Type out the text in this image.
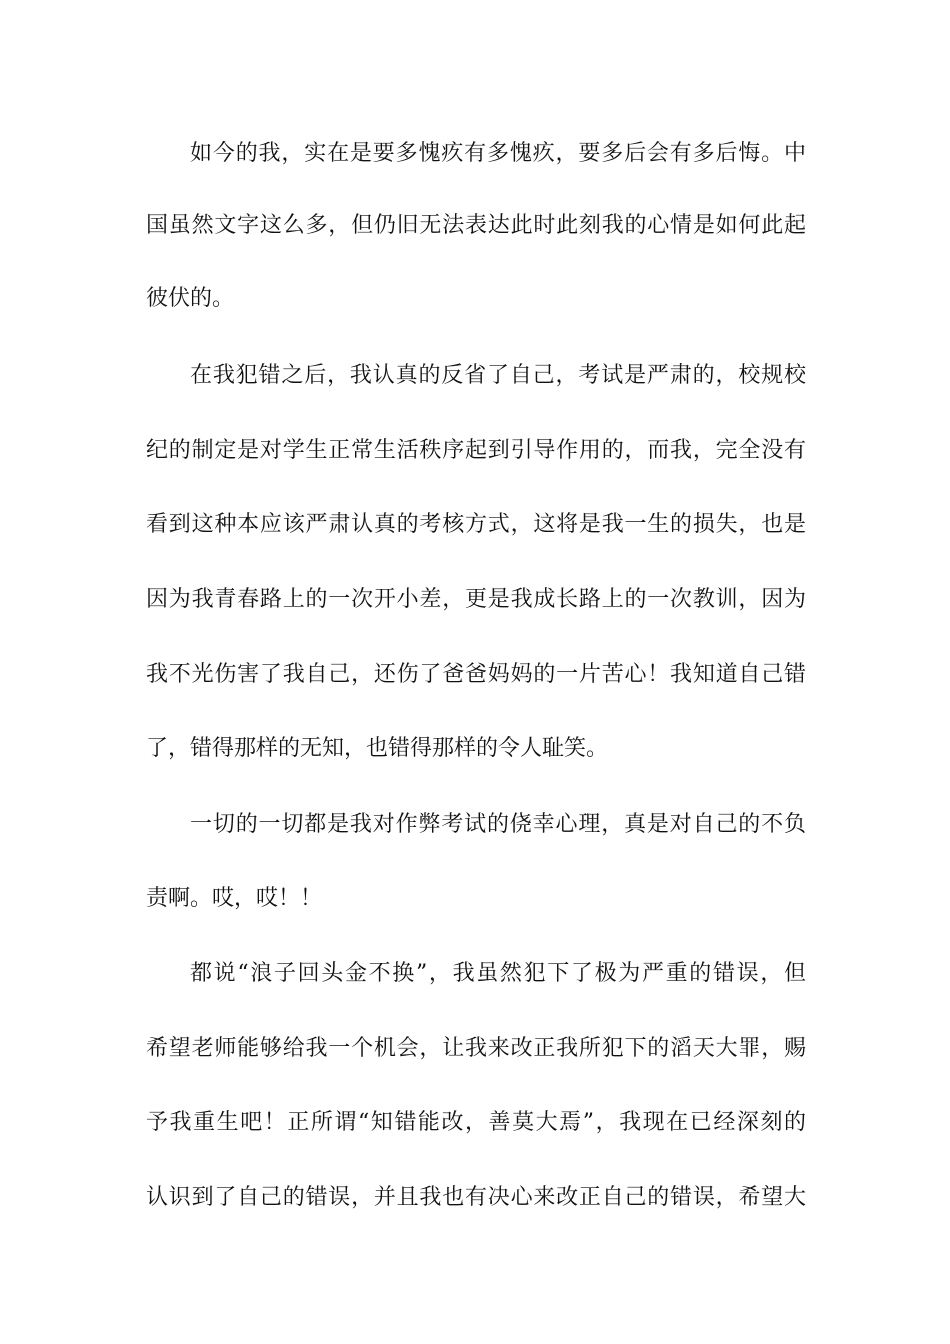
如今的我，实在是要多愧疚有多愧疚，要多后会有多后悔。中
国虽然文字这么多，但仍旧无法表达此时此刻我的心情是如何此起
彼伏的。
在我犯错之后，我认真的反省了自己，考试是严肃的，校规校
纪的制定是对学生正常生活秩序起到引导作用的，而我，完全没有
看到这种本应该严肃认真的考核方式，这将是我一生的损失，也是
因为我青春路上的一次开小差，更是我成长路上的一次教训，因为
我不光伤害了我自己，还伤了爸爸妈妈的一片苦心！我知道自己错
了，错得那样的无知，也错得那样的令人耻笑。
一切的一切都是我对作弊考试的侥幸心理，真是对自己的不负
责啊。哎，哎！！
都说“浪子回头金不换”，我虽然犯下了极为严重的错误，但
希望老师能够给我一个机会，让我来改正我所犯下的滔天大罪，赐
予我重生吧！正所谓“知错能改，善莫大焉”，我现在已经深刻的
认识到了自己的错误，并且我也有决心来改正自己的错误，希望大
